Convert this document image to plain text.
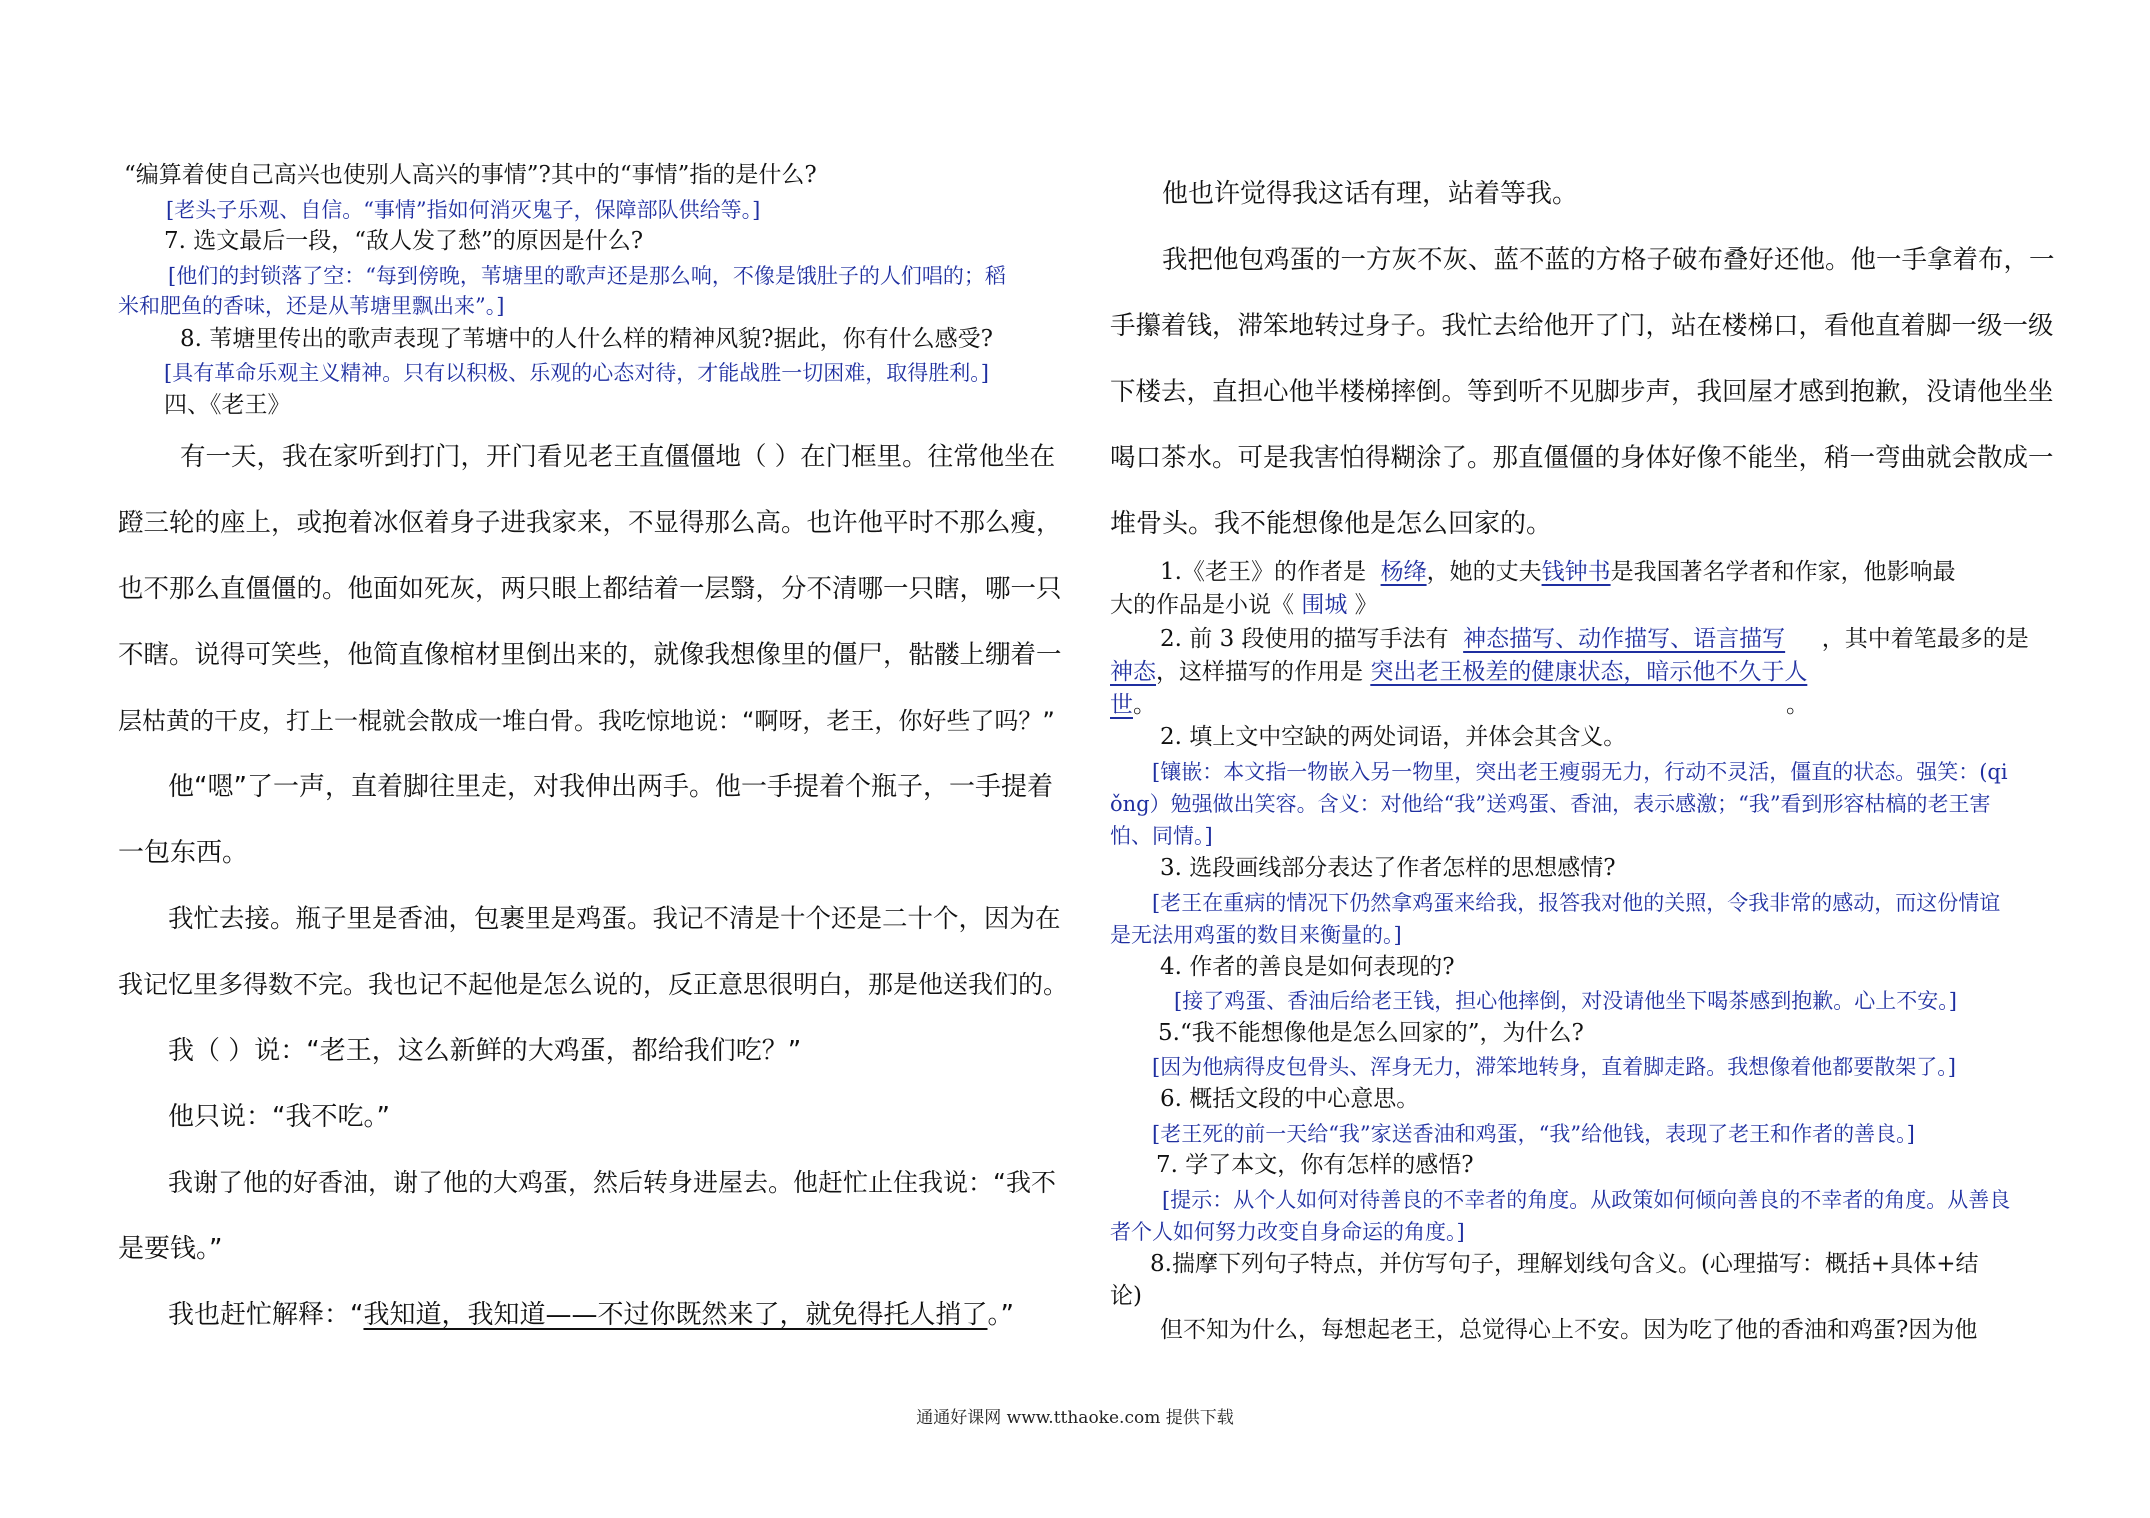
“编算着使自己高兴也使别人高兴的事情”?其中的“事情”指的是什么?
[老头子乐观、自信。“事情”指如何消灭鬼子，保障部队供给等。]
7. 选文最后一段，“敌人发了愁”的原因是什么?
[他们的封锁落了空：“每到傍晚，苇塘里的歌声还是那么响，不像是饿肚子的人们唱的；稻
米和肥鱼的香味，还是从苇塘里飘出来”。]
8. 苇塘里传出的歌声表现了苇塘中的人什么样的精神风貌?据此，你有什么感受?
[具有革命乐观主义精神。只有以积极、乐观的心态对待，才能战胜一切困难，取得胜利。]
四、《老王》
有一天，我在家听到打门，开门看见老王直僵僵地（ ）在门框里。往常他坐在
蹬三轮的座上，或抱着冰伛着身子进我家来，不显得那么高。也许他平时不那么瘦，
也不那么直僵僵的。他面如死灰，两只眼上都结着一层翳，分不清哪一只瞎，哪一只
不瞎。说得可笑些，他简直像棺材里倒出来的，就像我想像里的僵尸，骷髅上绷着一
层枯黄的干皮，打上一棍就会散成一堆白骨。我吃惊地说：“啊呀，老王，你好些了吗？”
他“嗯”了一声，直着脚往里走，对我伸出两手。他一手提着个瓶子，一手提着
一包东西。
我忙去接。瓶子里是香油，包裹里是鸡蛋。我记不清是十个还是二十个，因为在
我记忆里多得数不完。我也记不起他是怎么说的，反正意思很明白，那是他送我们的。
我（ ）说：“老王，这么新鲜的大鸡蛋，都给我们吃？”
他只说：“我不吃。”
我谢了他的好香油，谢了他的大鸡蛋，然后转身进屋去。他赶忙止住我说：“我不
是要钱。”
我也赶忙解释：“我知道，我知道——不过你既然来了，就免得托人捎了。”
他也许觉得我这话有理，站着等我。
我把他包鸡蛋的一方灰不灰、蓝不蓝的方格子破布叠好还他。他一手拿着布，一
手攥着钱，滞笨地转过身子。我忙去给他开了门，站在楼梯口，看他直着脚一级一级
下楼去，直担心他半楼梯摔倒。等到听不见脚步声，我回屋才感到抱歉，没请他坐坐
喝口茶水。可是我害怕得糊涂了。那直僵僵的身体好像不能坐，稍一弯曲就会散成一
堆骨头。我不能想像他是怎么回家的。
1.《老王》的作者是 杨绛，她的丈夫钱钟书是我国著名学者和作家，他影响最
大的作品是小说《 围城 》
2. 前 3 段使用的描写手法有 神态描写、动作描写、语言描写 ，其中着笔最多的是
神态，这样描写的作用是 突出老王极差的健康状态，暗示他不久于人
世。	。
2. 填上文中空缺的两处词语，并体会其含义。
[镶嵌：本文指一物嵌入另一物里，突出老王瘦弱无力，行动不灵活，僵直的状态。强笑：(qi
ǒng）勉强做出笑容。含义：对他给“我”送鸡蛋、香油，表示感激；“我”看到形容枯槁的老王害
怕、同情。]
3. 选段画线部分表达了作者怎样的思想感情?
[老王在重病的情况下仍然拿鸡蛋来给我，报答我对他的关照，令我非常的感动，而这份情谊
是无法用鸡蛋的数目来衡量的。]
4. 作者的善良是如何表现的?
[接了鸡蛋、香油后给老王钱，担心他摔倒，对没请他坐下喝茶感到抱歉。心上不安。]
5.“我不能想像他是怎么回家的”，为什么?
[因为他病得皮包骨头、浑身无力，滞笨地转身，直着脚走路。我想像着他都要散架了。]
6. 概括文段的中心意思。
[老王死的前一天给“我”家送香油和鸡蛋，“我”给他钱，表现了老王和作者的善良。]
7. 学了本文，你有怎样的感悟?
[提示：从个人如何对待善良的不幸者的角度。从政策如何倾向善良的不幸者的角度。从善良
者个人如何努力改变自身命运的角度。]
8.揣摩下列句子特点，并仿写句子，理解划线句含义。(心理描写：概括+具体+结
论)
但不知为什么，每想起老王，总觉得心上不安。因为吃了他的香油和鸡蛋?因为他
通通好课网 www.tthaoke.com 提供下载
